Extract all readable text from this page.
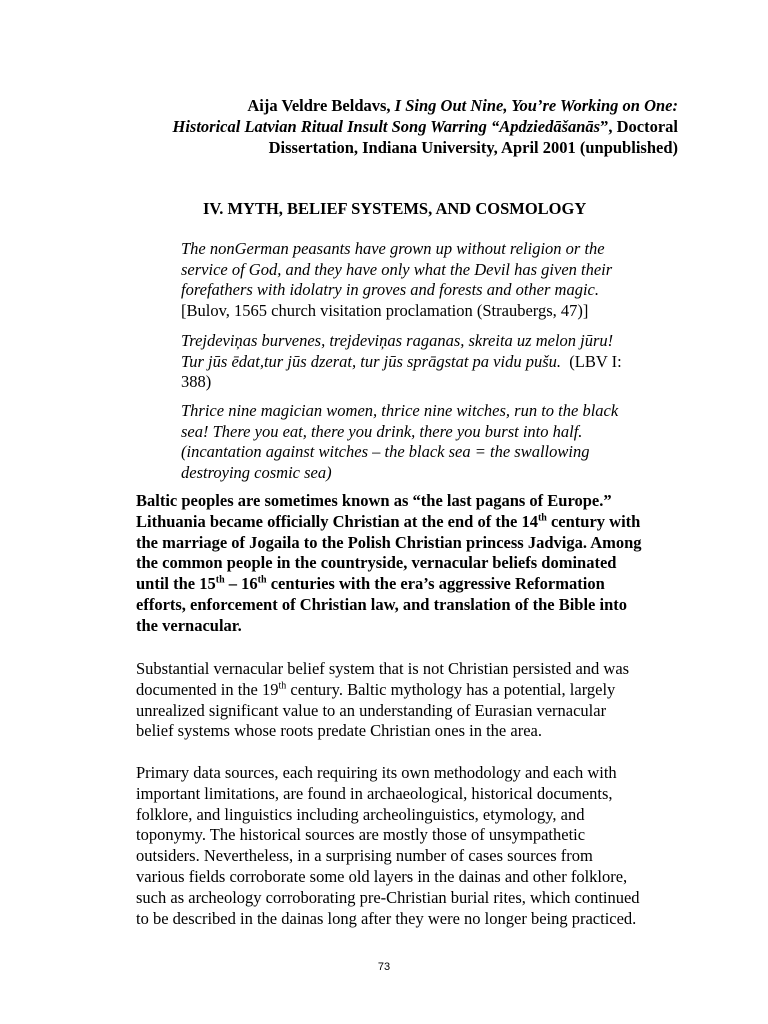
Aija Veldre Beldavs, I Sing Out Nine, You’re Working on One:
Historical Latvian Ritual Insult Song Warring “Apdziedāšanās”, Doctoral
Dissertation, Indiana University, April 2001 (unpublished)
IV. MYTH, BELIEF SYSTEMS, AND COSMOLOGY
The nonGerman peasants have grown up without religion or the
service of God, and they have only what the Devil has given their
forefathers with idolatry in groves and forests and other magic.
[Bulov, 1565 church visitation proclamation (Straubergs, 47)]
Trejdeviņas burvenes, trejdeviņas raganas, skreita uz melon jūru!
Tur jūs ēdat,tur jūs dzerat, tur jūs sprāgstat pa vidu pušu.  (LBV I:
388)
Thrice nine magician women, thrice nine witches, run to the black
sea! There you eat, there you drink, there you burst into half.
(incantation against witches – the black sea = the swallowing
destroying cosmic sea)
Baltic peoples are sometimes known as “the last pagans of Europe.”
Lithuania became officially Christian at the end of the 14th century with
the marriage of Jogaila to the Polish Christian princess Jadviga. Among
the common people in the countryside, vernacular beliefs dominated
until the 15th – 16th centuries with the era’s aggressive Reformation
efforts, enforcement of Christian law, and translation of the Bible into
the vernacular.
Substantial vernacular belief system that is not Christian persisted and was
documented in the 19th century. Baltic mythology has a potential, largely
unrealized significant value to an understanding of Eurasian vernacular
belief systems whose roots predate Christian ones in the area.
Primary data sources, each requiring its own methodology and each with
important limitations, are found in archaeological, historical documents,
folklore, and linguistics including archeolinguistics, etymology, and
toponymy. The historical sources are mostly those of unsympathetic
outsiders. Nevertheless, in a surprising number of cases sources from
various fields corroborate some old layers in the dainas and other folklore,
such as archeology corroborating pre-Christian burial rites, which continued
to be described in the dainas long after they were no longer being practiced.
73
